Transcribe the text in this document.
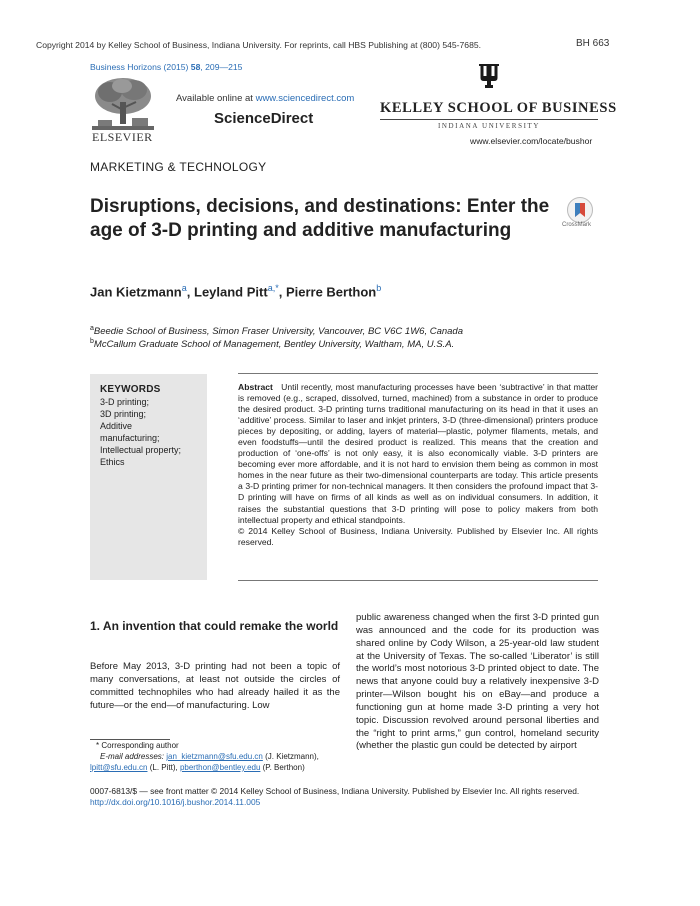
Copyright 2014 by Kelley School of Business, Indiana University. For reprints, call HBS Publishing at (800) 545-7685.	BH 663
Business Horizons (2015) 58, 209—215
ELSEVIER
Available online at www.sciencedirect.com
ScienceDirect
KELLEY SCHOOL OF BUSINESS
INDIANA UNIVERSITY
www.elsevier.com/locate/bushor
MARKETING & TECHNOLOGY
Disruptions, decisions, and destinations: Enter the age of 3-D printing and additive manufacturing	CrossMark
Jan Kietzmann$^a$, Leyland Pitt$^{a,*}$, Pierre Berthon$^b$
$^a$Beedie School of Business, Simon Fraser University, Vancouver, BC V6C 1W6, Canada
$^b$McCallum Graduate School of Management, Bentley University, Waltham, MA, U.S.A.
KEYWORDS
3-D printing;
3D printing;
Additive
manufacturing;
Intellectual property;
Ethics

Abstract Until recently, most manufacturing processes have been ‘subtractive’ in that matter is removed (e.g., scraped, dissolved, turned, machined) from a substance in order to produce the desired product. 3-D printing turns traditional manufacturing on its head in that it uses an ‘additive’ process. Similar to laser and inkjet printers, 3-D (three-dimensional) printers produce pieces by depositing, or adding, layers of material—plastic, polymer filaments, metals, and even foodstuffs—until the desired product is realized. This means that the creation and production of ‘one-offs’ is not only easy, it is also economically viable. 3-D printers are becoming ever more affordable, and it is not hard to envision them being as common in most homes in the near future as their two-dimensional counterparts are today. This article presents a 3-D printing primer for non-technical managers. It then considers the profound impact that 3-D printing will have on firms of all kinds as well as on individual consumers. In addition, it raises the substantial questions that 3-D printing will pose to policy makers from both intellectual property and ethical standpoints.

© 2014 Kelley School of Business, Indiana University. Published by Elsevier Inc. All rights reserved.

1. An invention that could remake the world
Before May 2013, 3-D printing had not been a topic of many conversations, at least not outside the circles of committed technophiles who had already hailed it as the future—or the end—of manufacturing. Low
public awareness changed when the first 3-D printed gun was announced and the code for its production was shared online by Cody Wilson, a 25-year-old law student at the University of Texas. The so-called ‘Liberator’ is still the world’s most notorious 3-D printed object to date. The news that anyone could buy a relatively inexpensive 3-D printer—Wilson bought his on eBay—and produce a functioning gun at home made 3-D printing a very hot topic. Discussion revolved around personal liberties and the “right to print arms,” gun control, homeland security (whether the plastic gun could be detected by airport
* Corresponding author
E-mail addresses: jan_kietzmann@sfu.edu.cn (J. Kietzmann),
lpitt@sfu.edu.cn (L. Pitt), pberthon@bentley.edu (P. Berthon)
0007-6813/$ — see front matter © 2014 Kelley School of Business, Indiana University. Published by Elsevier Inc. All rights reserved.
http://dx.doi.org/10.1016/j.bushor.2014.11.005
